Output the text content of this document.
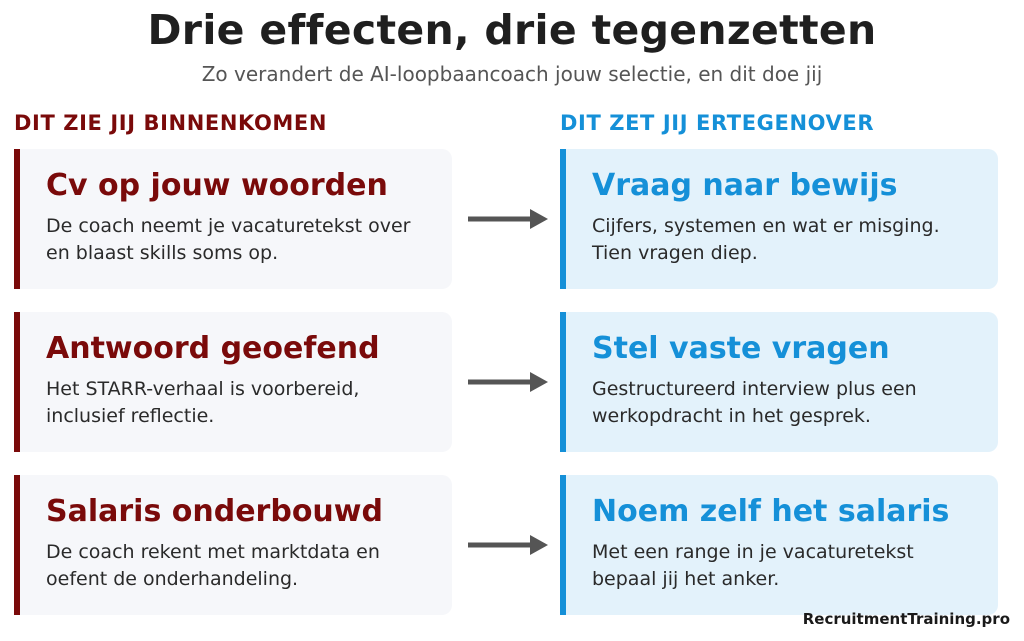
Drie effecten, drie tegenzetten
Zo verandert de AI-loopbaancoach jouw selectie, en dit doe jij
DIT ZIE JIJ BINNENKOMEN	DIT ZET JIJ ERTEGENOVER
Cv op jouw woorden
De coach neemt je vacaturetekst over en blaast skills soms op.
Vraag naar bewijs
Cijfers, systemen en wat er misging. Tien vragen diep.
Antwoord geoefend
Het STARR-verhaal is voorbereid, inclusief reflectie.
Stel vaste vragen
Gestructureerd interview plus een werkopdracht in het gesprek.
Salaris onderbouwd
De coach rekent met marktdata en oefent de onderhandeling.
Noem zelf het salaris
Met een range in je vacaturetekst bepaal jij het anker.
RecruitmentTraining.pro
